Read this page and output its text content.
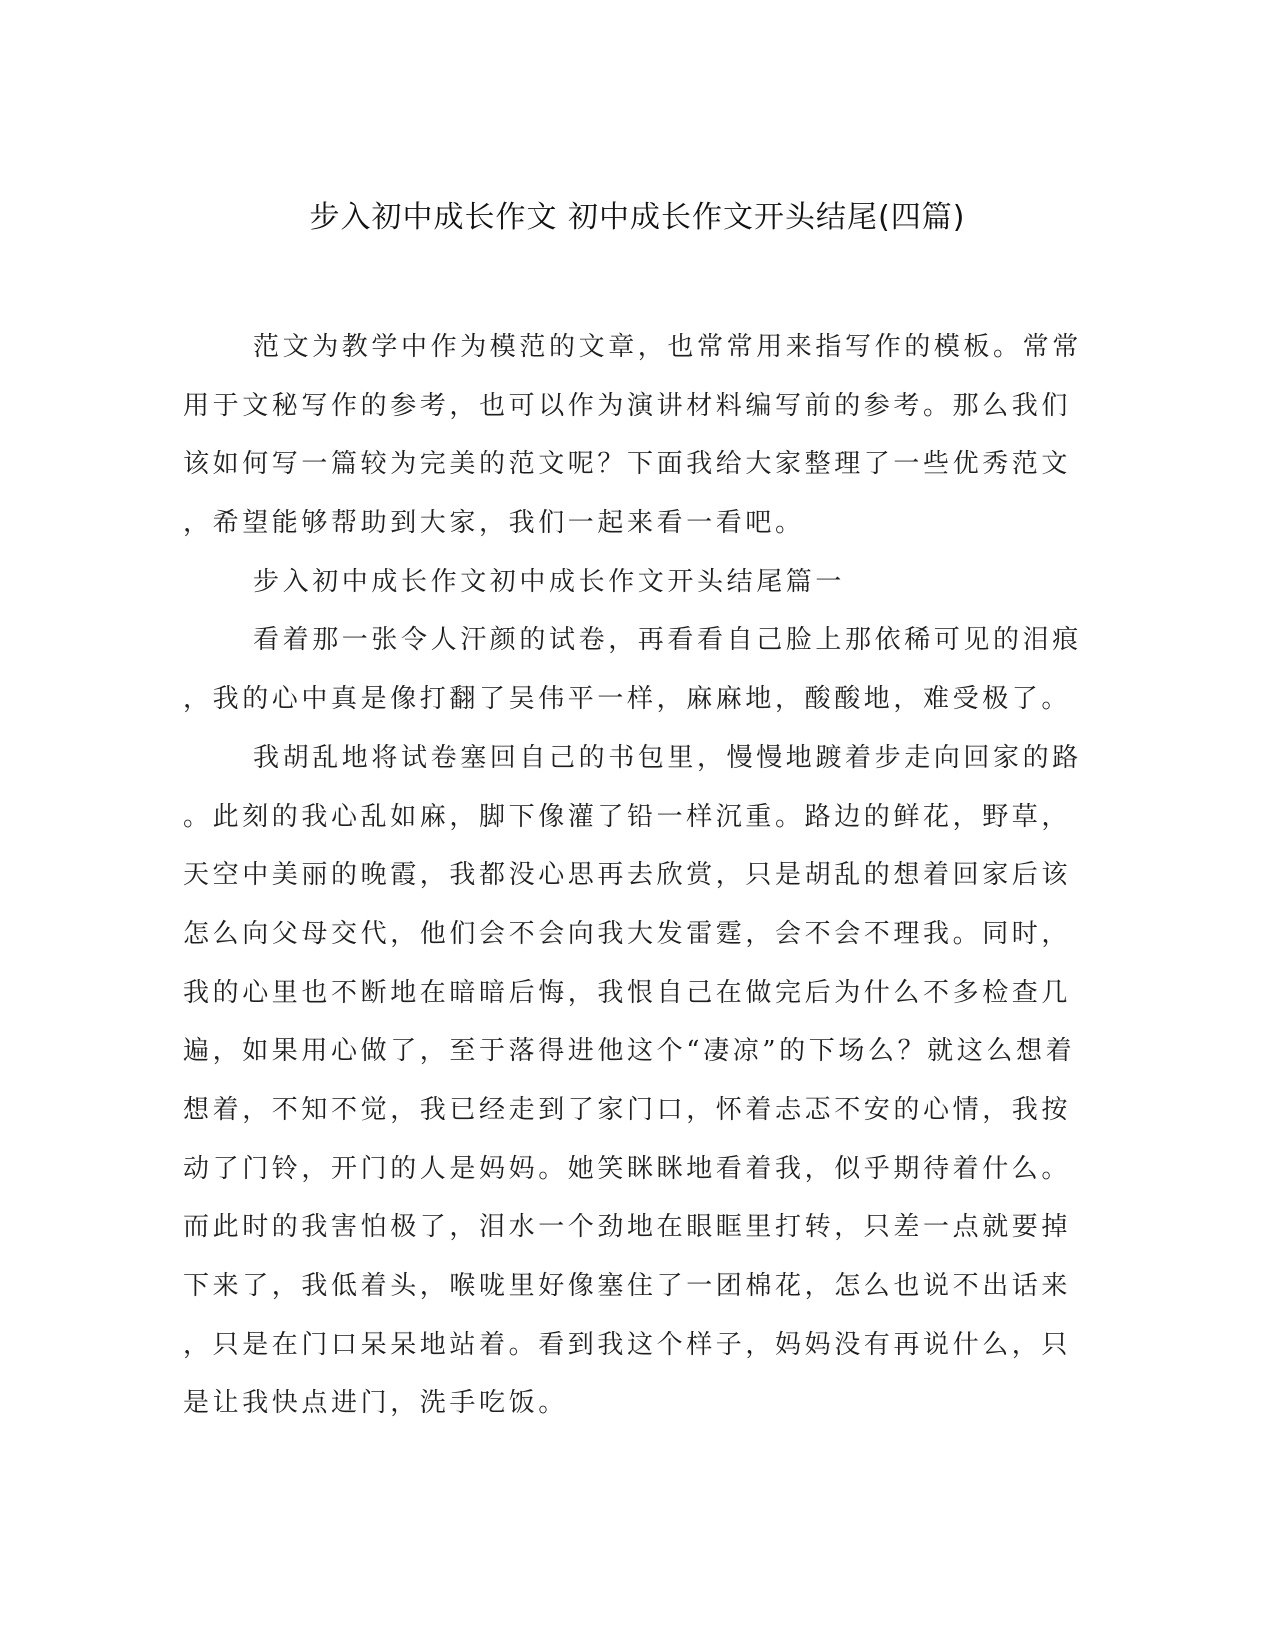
步入初中成长作文 初中成长作文开头结尾(四篇)
范文为教学中作为模范的文章，也常常用来指写作的模板。常常
用于文秘写作的参考，也可以作为演讲材料编写前的参考。那么我们
该如何写一篇较为完美的范文呢？下面我给大家整理了一些优秀范文
，希望能够帮助到大家，我们一起来看一看吧。
步入初中成长作文初中成长作文开头结尾篇一
看着那一张令人汗颜的试卷，再看看自己脸上那依稀可见的泪痕
，我的心中真是像打翻了吴伟平一样，麻麻地，酸酸地，难受极了。
我胡乱地将试卷塞回自己的书包里，慢慢地踱着步走向回家的路
。此刻的我心乱如麻，脚下像灌了铅一样沉重。路边的鲜花，野草，
天空中美丽的晚霞，我都没心思再去欣赏，只是胡乱的想着回家后该
怎么向父母交代，他们会不会向我大发雷霆，会不会不理我。同时，
我的心里也不断地在暗暗后悔，我恨自己在做完后为什么不多检查几
遍，如果用心做了，至于落得进他这个“凄凉”的下场么？就这么想着
想着，不知不觉，我已经走到了家门口，怀着忐忑不安的心情，我按
动了门铃，开门的人是妈妈。她笑眯眯地看着我，似乎期待着什么。
而此时的我害怕极了，泪水一个劲地在眼眶里打转，只差一点就要掉
下来了，我低着头，喉咙里好像塞住了一团棉花，怎么也说不出话来
，只是在门口呆呆地站着。看到我这个样子，妈妈没有再说什么，只
是让我快点进门，洗手吃饭。
